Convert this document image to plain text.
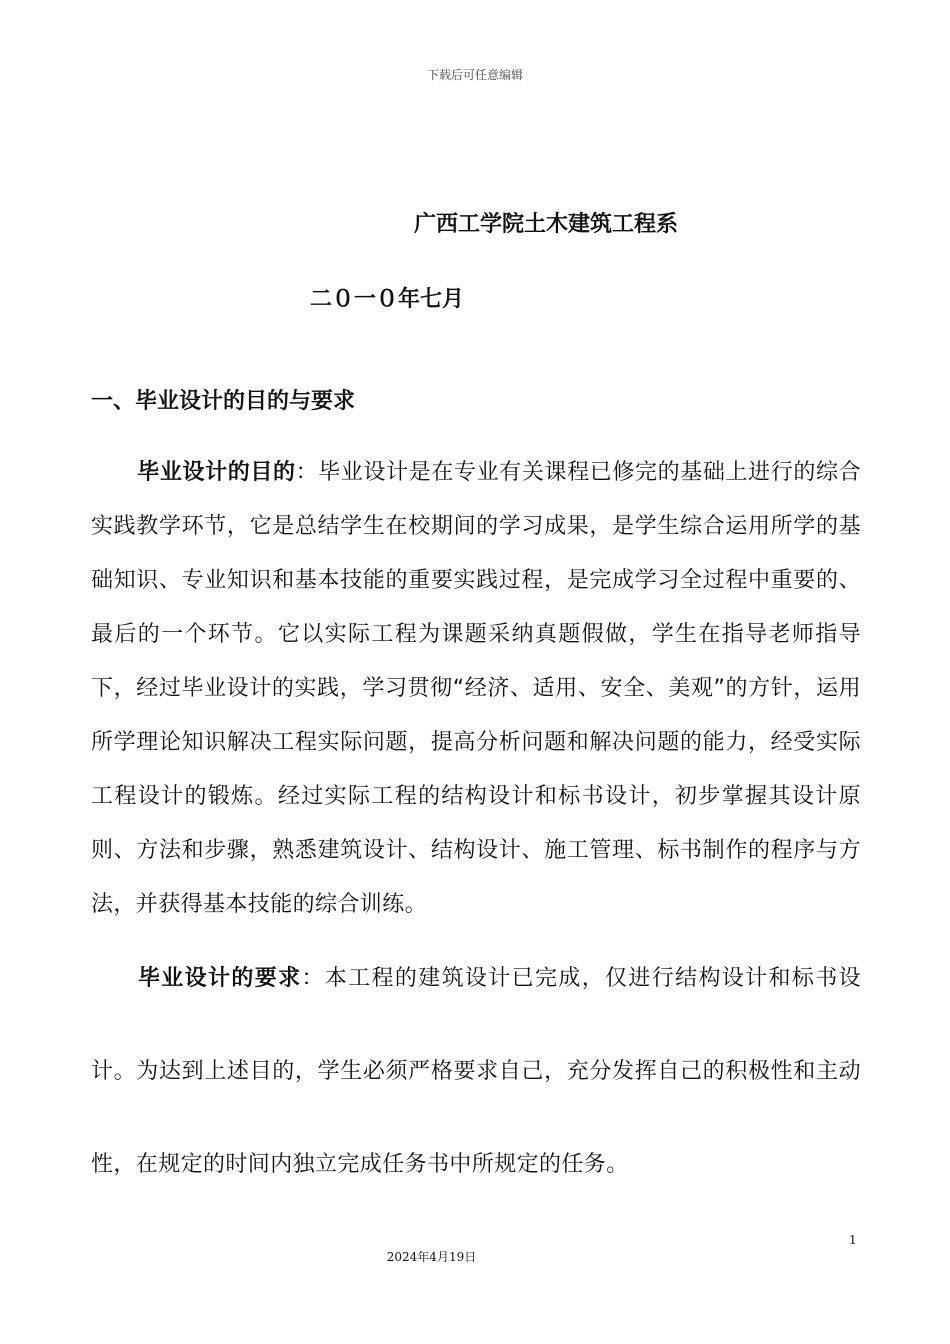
下载后可任意编辑
广西工学院土木建筑工程系
二０一０年七月
一、毕业设计的目的与要求

毕业设计的目的：毕业设计是在专业有关课程已修完的基础上进行的综合实践教学环节，它是总结学生在校期间的学习成果，是学生综合运用所学的基础知识、专业知识和基本技能的重要实践过程，是完成学习全过程中重要的、最后的一个环节。它以实际工程为课题采纳真题假做，学生在指导老师指导下，经过毕业设计的实践，学习贯彻“经济、适用、安全、美观”的方针，运用所学理论知识解决工程实际问题，提高分析问题和解决问题的能力，经受实际工程设计的锻炼。经过实际工程的结构设计和标书设计，初步掌握其设计原则、方法和步骤，熟悉建筑设计、结构设计、施工管理、标书制作的程序与方法，并获得基本技能的综合训练。

毕业设计的要求：本工程的建筑设计已完成，仅进行结构设计和标书设计。为达到上述目的，学生必须严格要求自己，充分发挥自己的积极性和主动性，在规定的时间内独立完成任务书中所规定的任务。

1
2024年4月19日
